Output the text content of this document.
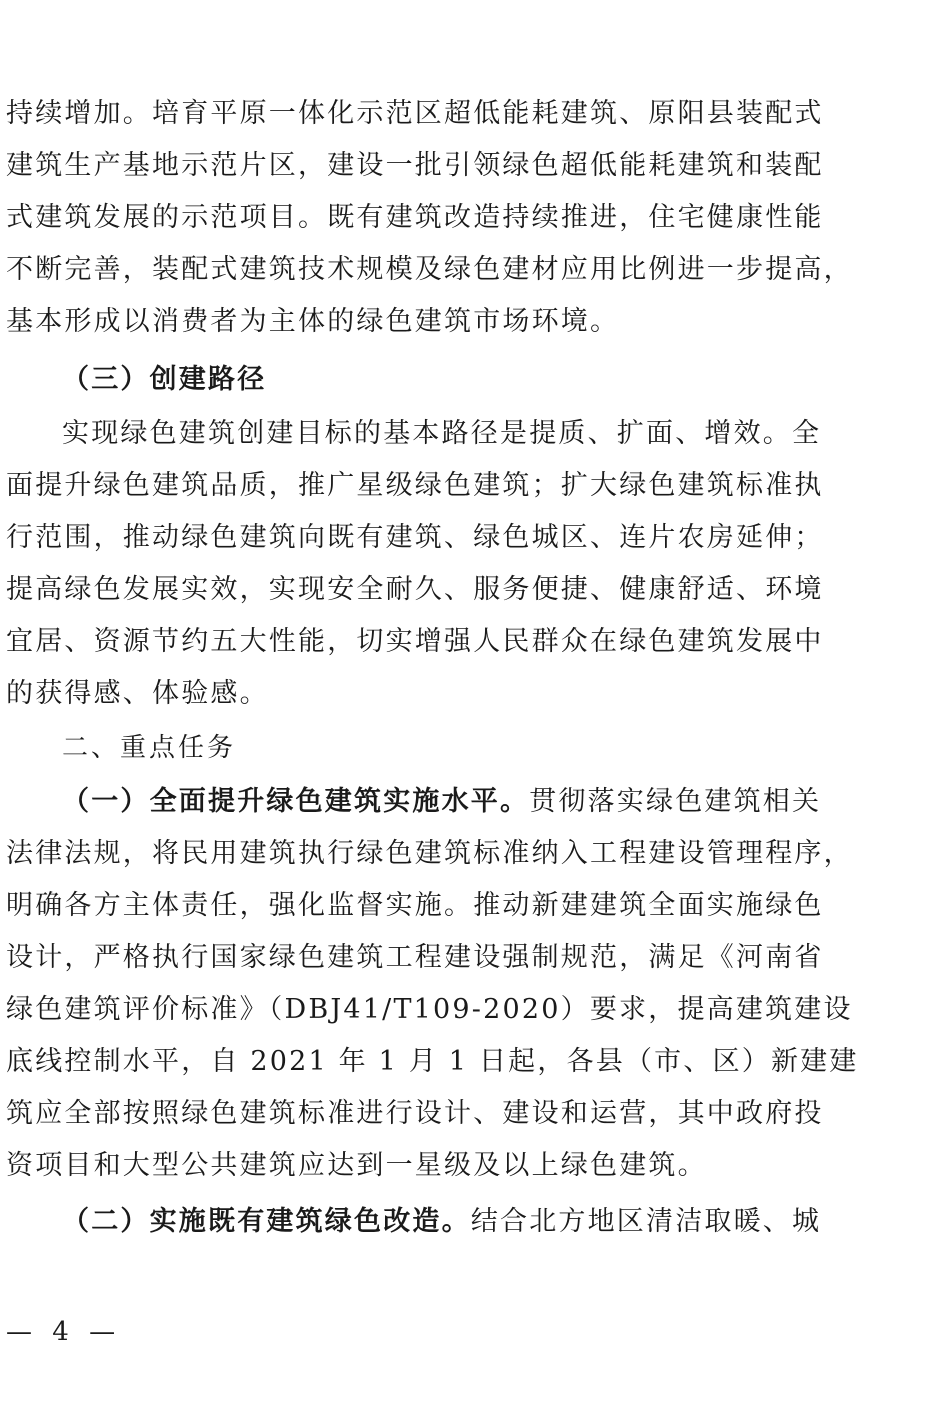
持续增加。培育平原一体化示范区超低能耗建筑、原阳县装配式
建筑生产基地示范片区，建设一批引领绿色超低能耗建筑和装配
式建筑发展的示范项目。既有建筑改造持续推进，住宅健康性能
不断完善，装配式建筑技术规模及绿色建材应用比例进一步提高，
基本形成以消费者为主体的绿色建筑市场环境。
（三）创建路径
实现绿色建筑创建目标的基本路径是提质、扩面、增效。全
面提升绿色建筑品质，推广星级绿色建筑；扩大绿色建筑标准执
行范围，推动绿色建筑向既有建筑、绿色城区、连片农房延伸；
提高绿色发展实效，实现安全耐久、服务便捷、健康舒适、环境
宜居、资源节约五大性能，切实增强人民群众在绿色建筑发展中
的获得感、体验感。
二、重点任务
（一）全面提升绿色建筑实施水平。贯彻落实绿色建筑相关
法律法规，将民用建筑执行绿色建筑标准纳入工程建设管理程序，
明确各方主体责任，强化监督实施。推动新建建筑全面实施绿色
设计，严格执行国家绿色建筑工程建设强制规范，满足《河南省
绿色建筑评价标准》（DBJ41/T109-2020）要求，提高建筑建设
底线控制水平，自 2021 年 1 月 1 日起，各县（市、区）新建建
筑应全部按照绿色建筑标准进行设计、建设和运营，其中政府投
资项目和大型公共建筑应达到一星级及以上绿色建筑。
（二）实施既有建筑绿色改造。结合北方地区清洁取暖、城
— 4 —
